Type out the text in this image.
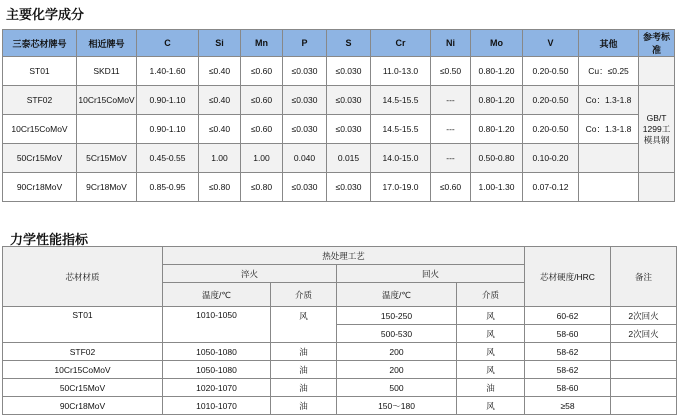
主要化学成分
三泰芯材牌号	相近牌号	C	Si	Mn	P	S	Cr	Ni	Mo	V	其他	参考标准	
ST01	SKD11	1.40-1.60	≤0.40	≤0.60	≤0.030	≤0.030	11.0-13.0	≤0.50	0.80-1.20	0.20-0.50	Cu：≤0.25		
STF02	10Cr15CoMoV	0.90-1.10	≤0.40	≤0.60	≤0.030	≤0.030	14.5-15.5	---	0.80-1.20	0.20-0.50	Co：1.3-1.8	GB/T 1299工模具钢	
10Cr15CoMoV		0.90-1.10	≤0.40	≤0.60	≤0.030	≤0.030	14.5-15.5	---	0.80-1.20	0.20-0.50	Co：1.3-1.8		
50Cr15MoV	5Cr15MoV	0.45-0.55	1.00	1.00	0.040	0.015	14.0-15.0	---	0.50-0.80	0.10-0.20			
90Cr18MoV	9Cr18MoV	0.85-0.95	≤0.80	≤0.80	≤0.030	≤0.030	17.0-19.0	≤0.60	1.00-1.30	0.07-0.12			
力学性能指标
芯材材质	热处理工艺				芯材硬度/HRC	备注
	淬火		回火			
	温度/℃	介质	温度/℃	介质		
ST01	1010-1050	风	150-250	风	60-62	2次回火
			500-530	风	58-60	2次回火
STF02	1050-1080	油	200	风	58-62	
10Cr15CoMoV	1050-1080	油	200	风	58-62	
50Cr15MoV	1020-1070	油	500	油	58-60	
90Cr18MoV	1010-1070	油	150～180	风	≥58	
